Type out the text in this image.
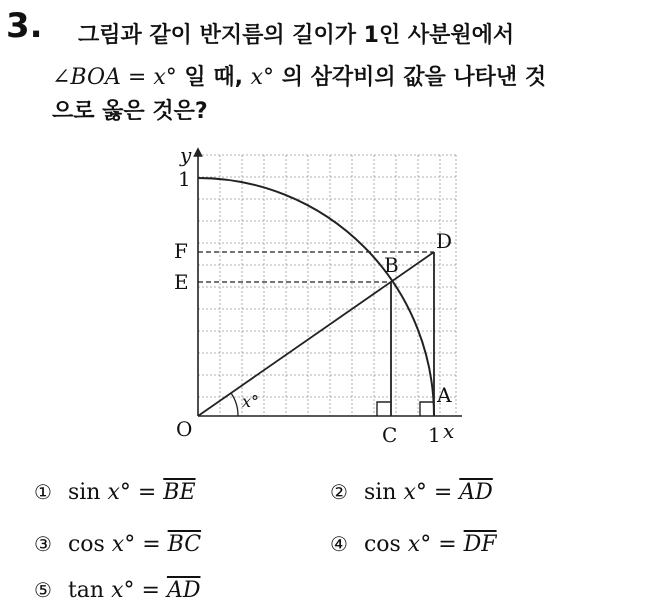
3. 그림과 같이 반지름의 길이가 1인 사분원에서
∠BOA = x° 일 때, x° 의 삼각비의 값을 나타낸 것
으로 옳은 것은?
y
1
F
E
D
B
O	C
A
1 x
x°
① $\sin x^\circ = \overline{BE}$	② $\sin x^\circ = \overline{AD}$
③ $\cos x^\circ = \overline{BC}$	④ $\cos x^\circ = \overline{DF}$
⑤ $\tan x^\circ = \overline{AD}$
